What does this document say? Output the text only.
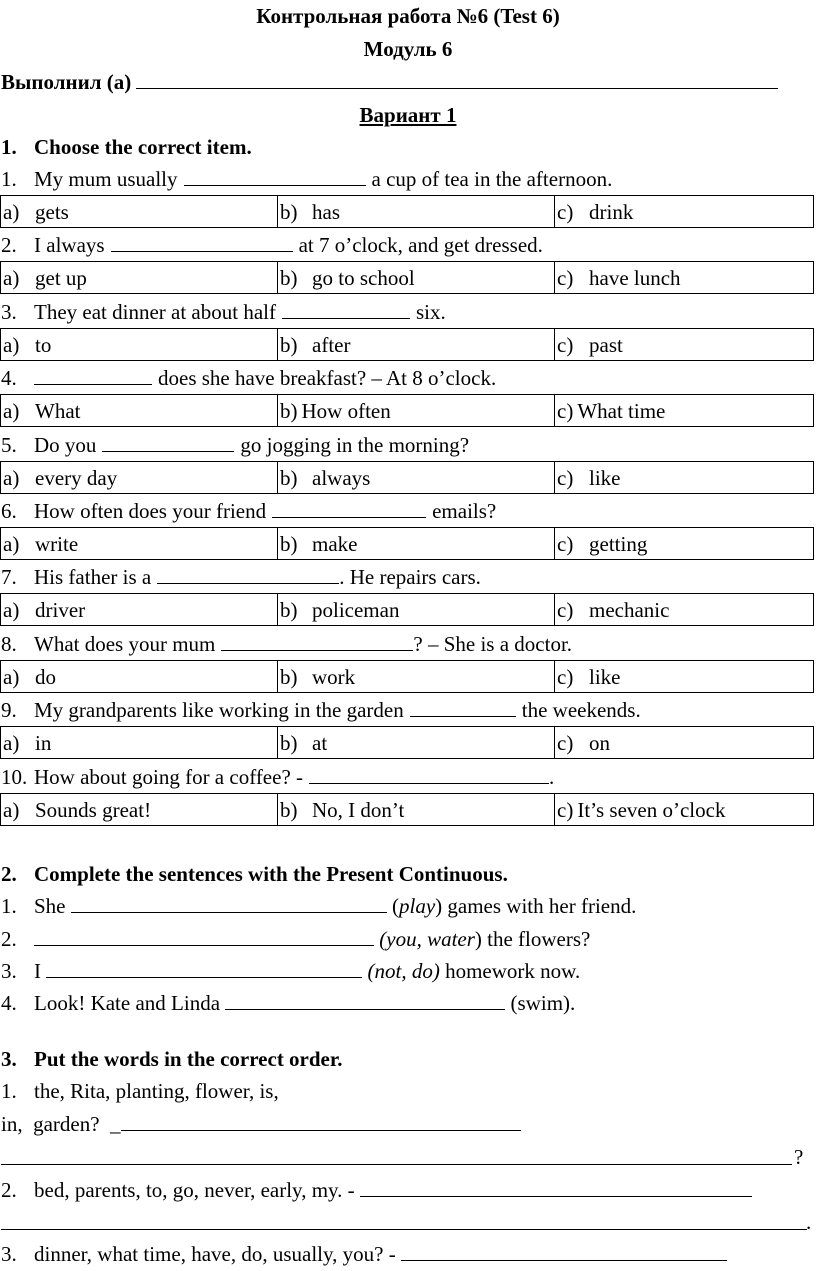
Контрольная работа №6 (Test 6)
Модуль 6
Выполнил (а)
Вариант 1
1. Choose the correct item.
1. My mum usually	a cup of tea in the afternoon.
a) gets	b) has	c) drink
2. I always	at 7 o’clock, and get dressed.
a) get up	b) go to school	c) have lunch
3. They eat dinner at about half	six.
a) to	b) after	c) past
4.	does she have breakfast? – At 8 o’clock.
a) What	b) How often	c) What time
5. Do you	go jogging in the morning?
a) every day	b) always	c) like
6. How often does your friend	emails?
a) write	b) make	c) getting
7. His father is a	. He repairs cars.
a) driver	b) policeman	c) mechanic
8. What does your mum	? – She is a doctor.
a) do	b) work	c) like
9. My grandparents like working in the garden	the weekends.
a) in	b) at	c) on
10. How about going for a coffee? -	.
a) Sounds great!	b) No, I don’t	c) It’s seven o’clock
2. Complete the sentences with the Present Continuous.
1. She	(play) games with her friend.
2.	(you, water) the flowers?
3. I	(not, do) homework now.
4. Look! Kate and Linda	(swim).
3. Put the words in the correct order.
1. the, Rita, planting, flower, is,
in,  garden?  _
?
2. bed, parents, to, go, never, early, my. -
.
3. dinner, what time, have, do, usually, you? -
